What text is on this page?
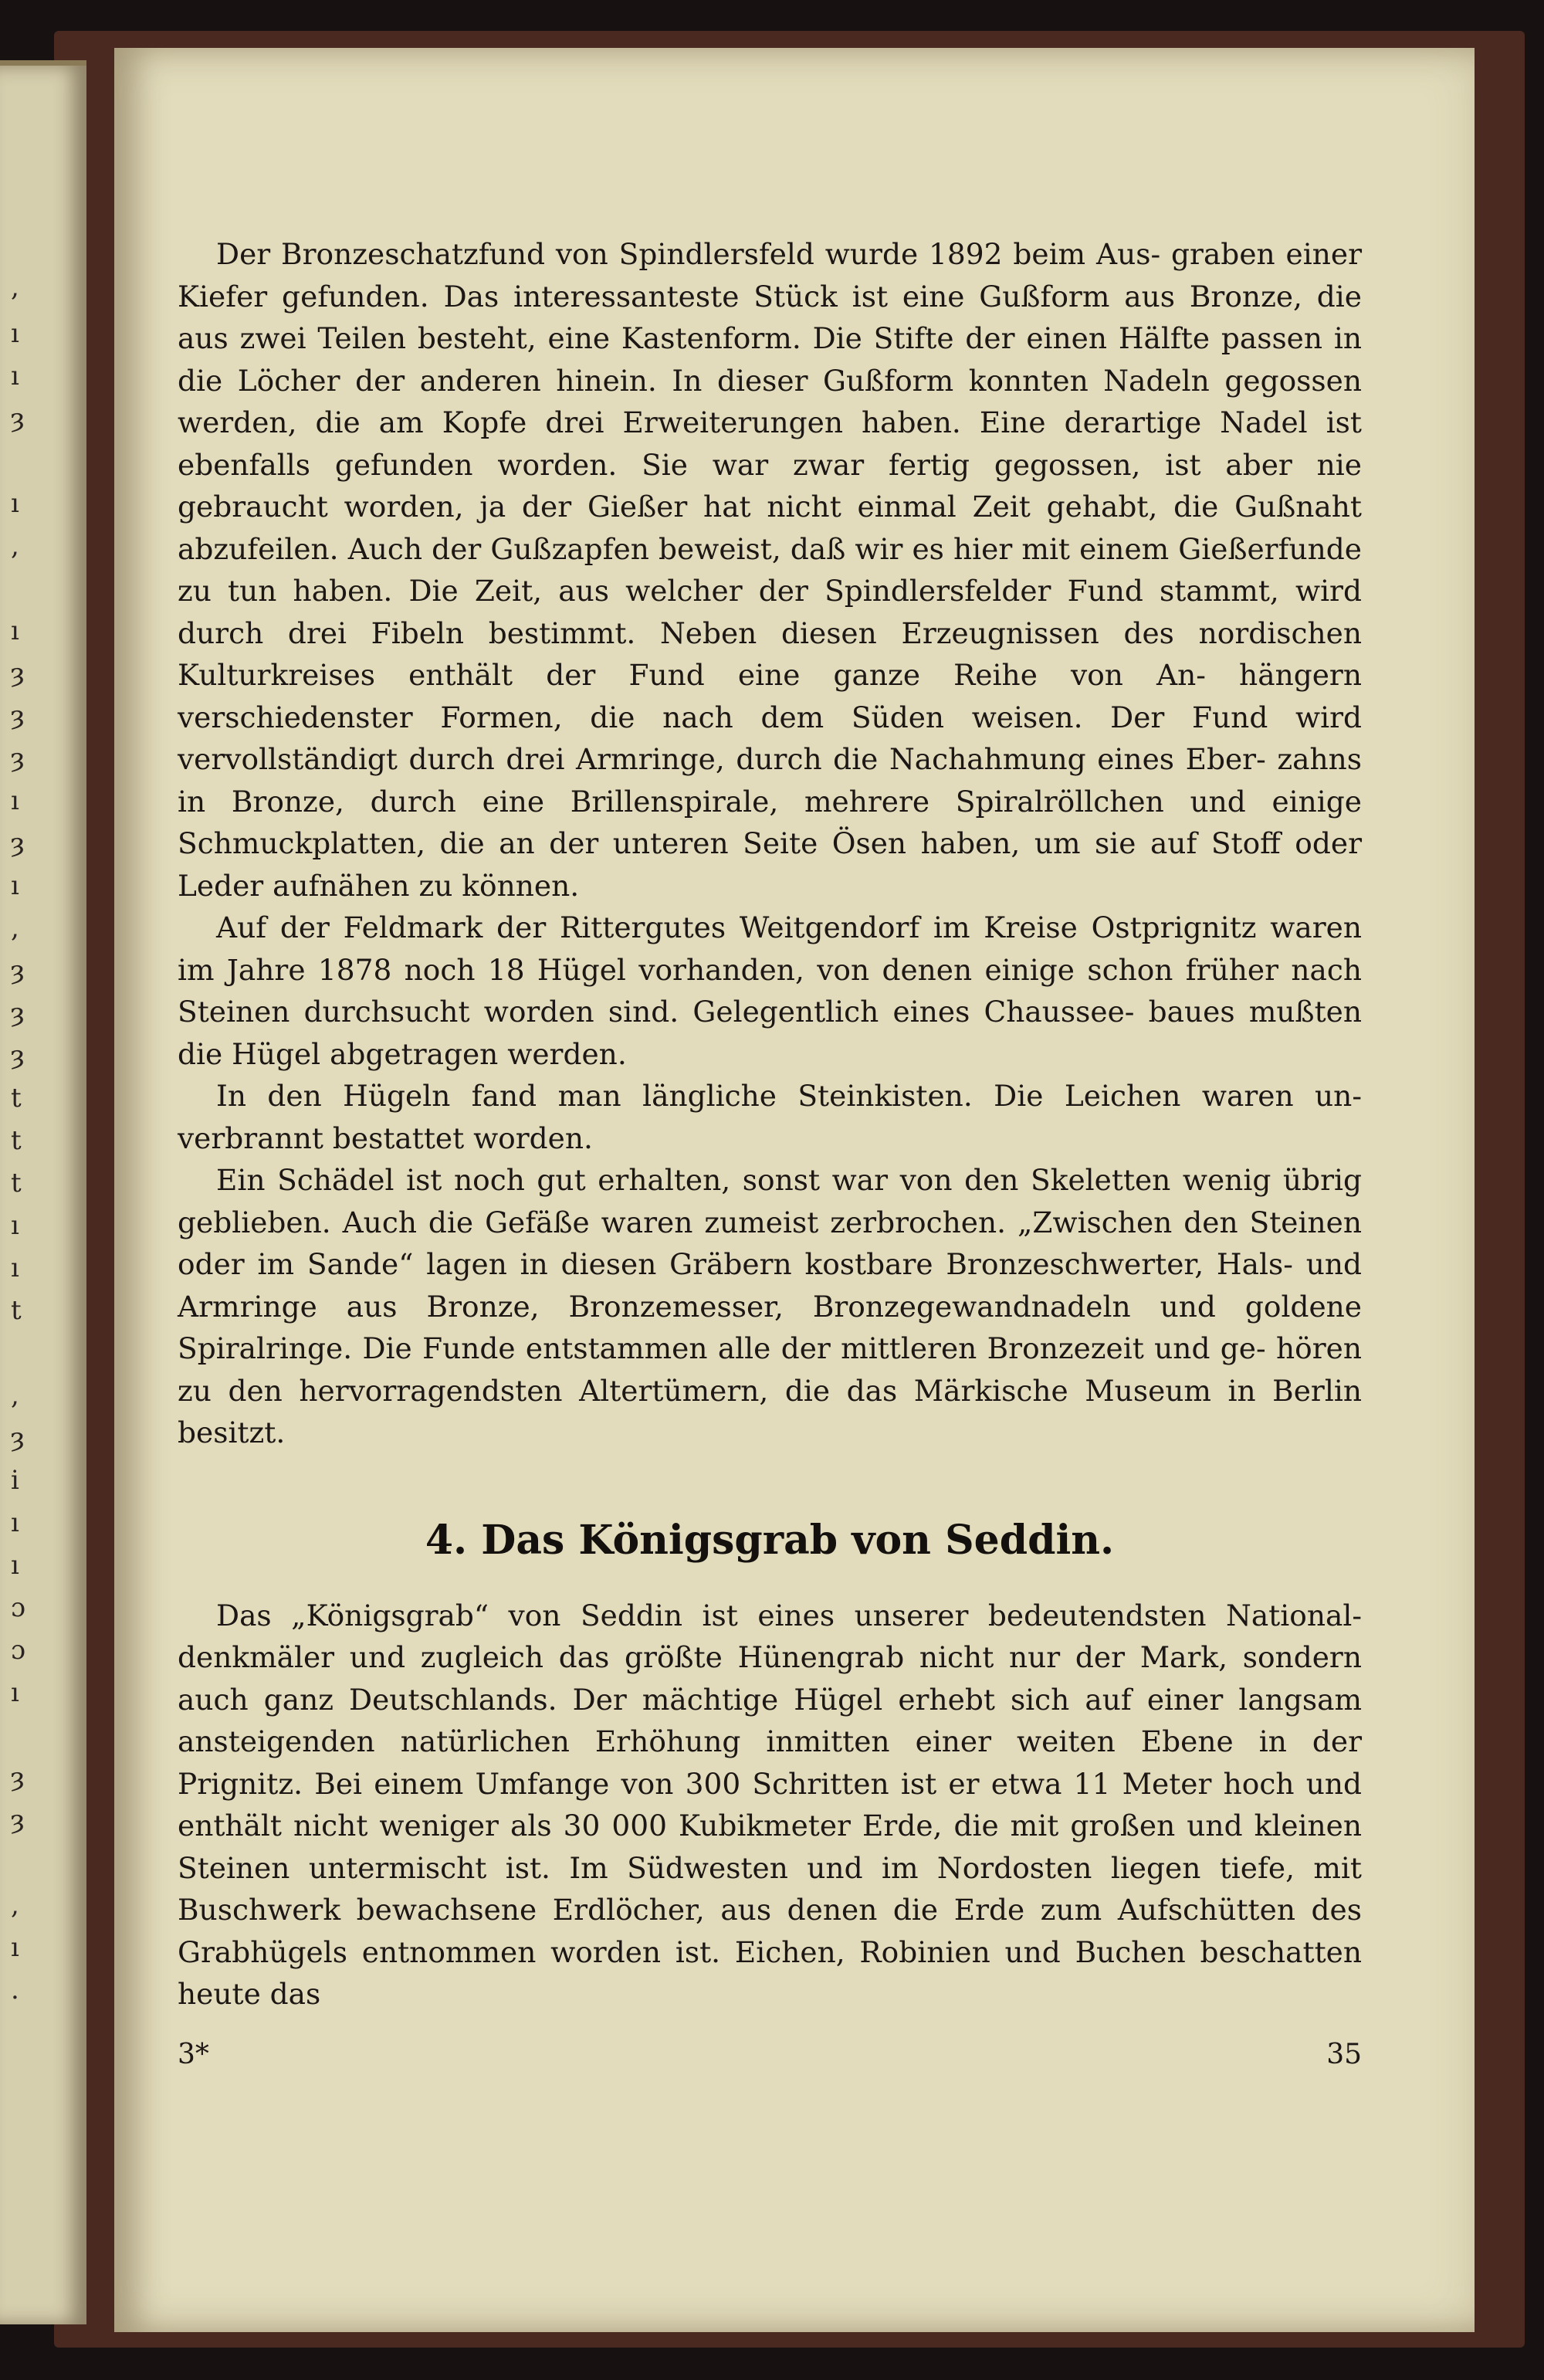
,
ı
ı
ȝ
ı
,
ı
ȝ
ȝ
ȝ
ı
ȝ
ı
,
ȝ
ȝ
ȝ
t
t
t
ı
ı
t
,
ȝ
i
ı
ı
ɔ
ɔ
ı
ȝ
ȝ
,
ı
.

Der Bronzeschatzfund von Spindlersfeld wurde 1892 beim Aus- graben einer Kiefer gefunden. Das interessanteste Stück ist eine Gußform aus Bronze, die aus zwei Teilen besteht, eine Kastenform. Die Stifte der einen Hälfte passen in die Löcher der anderen hinein. In dieser Gußform konnten Nadeln gegossen werden, die am Kopfe drei Erweiterungen haben. Eine derartige Nadel ist ebenfalls gefunden worden. Sie war zwar fertig gegossen, ist aber nie gebraucht worden, ja der Gießer hat nicht einmal Zeit gehabt, die Gußnaht abzufeilen. Auch der Gußzapfen beweist, daß wir es hier mit einem Gießerfunde zu tun haben. Die Zeit, aus welcher der Spindlersfelder Fund stammt, wird durch drei Fibeln bestimmt. Neben diesen Erzeugnissen des nordischen Kulturkreises enthält der Fund eine ganze Reihe von An- hängern verschiedenster Formen, die nach dem Süden weisen. Der Fund wird vervollständigt durch drei Armringe, durch die Nachahmung eines Eber- zahns in Bronze, durch eine Brillenspirale, mehrere Spiralröllchen und einige Schmuckplatten, die an der unteren Seite Ösen haben, um sie auf Stoff oder Leder aufnähen zu können.

Auf der Feldmark der Rittergutes Weitgendorf im Kreise Ostprignitz waren im Jahre 1878 noch 18 Hügel vorhanden, von denen einige schon früher nach Steinen durchsucht worden sind. Gelegentlich eines Chaussee- baues mußten die Hügel abgetragen werden.

In den Hügeln fand man längliche Steinkisten. Die Leichen waren un- verbrannt bestattet worden.

Ein Schädel ist noch gut erhalten, sonst war von den Skeletten wenig übrig geblieben. Auch die Gefäße waren zumeist zerbrochen. „Zwischen den Steinen oder im Sande“ lagen in diesen Gräbern kostbare Bronzeschwerter, Hals- und Armringe aus Bronze, Bronzemesser, Bronzegewandnadeln und goldene Spiralringe. Die Funde entstammen alle der mittleren Bronzezeit und ge- hören zu den hervorragendsten Altertümern, die das Märkische Museum in Berlin besitzt.

4. Das Königsgrab von Seddin.

Das „Königsgrab“ von Seddin ist eines unserer bedeutendsten National- denkmäler und zugleich das größte Hünengrab nicht nur der Mark, sondern auch ganz Deutschlands. Der mächtige Hügel erhebt sich auf einer langsam ansteigenden natürlichen Erhöhung inmitten einer weiten Ebene in der Prignitz. Bei einem Umfange von 300 Schritten ist er etwa 11 Meter hoch und enthält nicht weniger als 30 000 Kubikmeter Erde, die mit großen und kleinen Steinen untermischt ist. Im Südwesten und im Nordosten liegen tiefe, mit Buschwerk bewachsene Erdlöcher, aus denen die Erde zum Aufschütten des Grabhügels entnommen worden ist. Eichen, Robinien und Buchen beschatten heute das

3*	35
